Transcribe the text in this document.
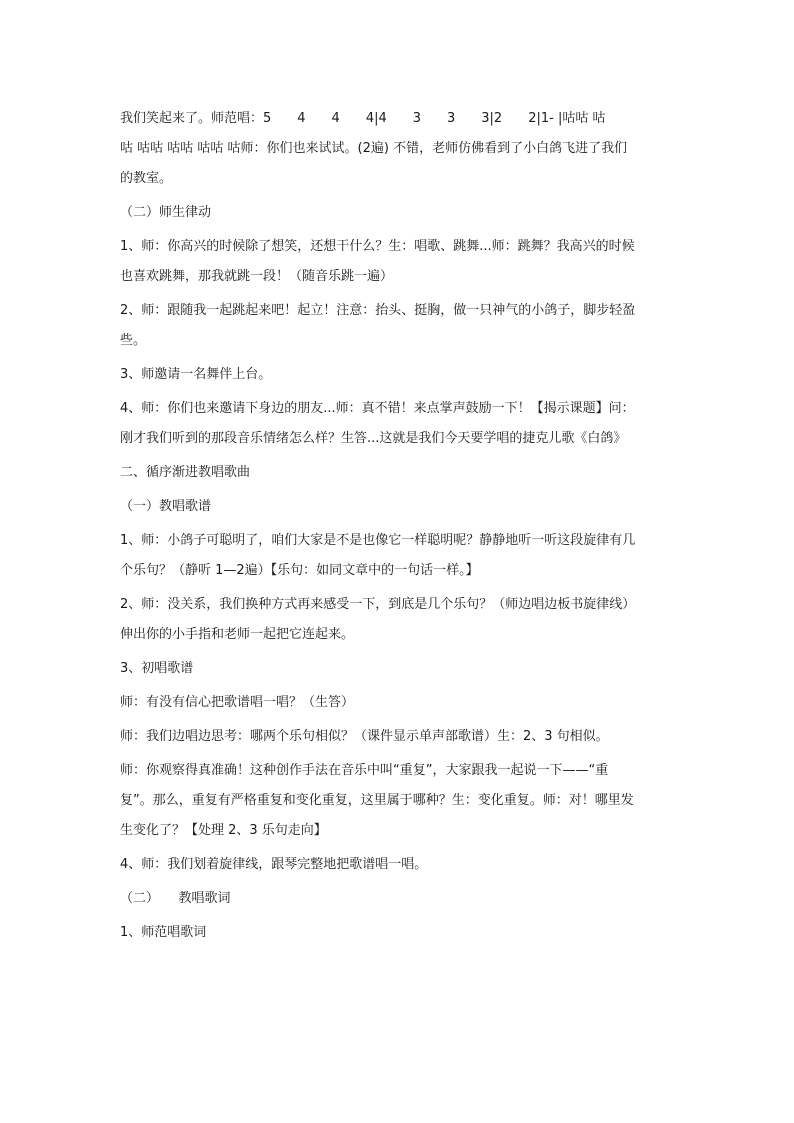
我们笑起来了。师范唱：5　　4　　4　　4|4　　3　　3　　3|2　　2|1- |咕咕 咕
咕 咕咕 咕咕 咕咕 咕师：你们也来试试。(2遍) 不错，老师仿佛看到了小白鸽飞进了我们
的教室。

（二）师生律动

1、师：你高兴的时候除了想笑，还想干什么？生：唱歌、跳舞...师：跳舞？我高兴的时候
也喜欢跳舞，那我就跳一段！（随音乐跳一遍）

2、师：跟随我一起跳起来吧！起立！注意：抬头、挺胸，做一只神气的小鸽子，脚步轻盈
些。

3、师邀请一名舞伴上台。

4、师：你们也来邀请下身边的朋友...师：真不错！来点掌声鼓励一下！【揭示课题】问：
刚才我们听到的那段音乐情绪怎么样？生答...这就是我们今天要学唱的捷克儿歌《白鸽》

二、循序渐进教唱歌曲

（一）教唱歌谱

1、师：小鸽子可聪明了，咱们大家是不是也像它一样聪明呢？静静地听一听这段旋律有几
个乐句？（静听 1—2遍）【乐句：如同文章中的一句话一样。】

2、师：没关系，我们换种方式再来感受一下，到底是几个乐句？（师边唱边板书旋律线）
伸出你的小手指和老师一起把它连起来。

3、初唱歌谱

师：有没有信心把歌谱唱一唱？（生答）

师：我们边唱边思考：哪两个乐句相似？（课件显示单声部歌谱）生：2、3 句相似。

师：你观察得真准确！这种创作手法在音乐中叫“重复”，大家跟我一起说一下——“重
复”。那么，重复有严格重复和变化重复，这里属于哪种？生：变化重复。师：对！哪里发
生变化了？【处理 2、3 乐句走向】

4、师：我们划着旋律线，跟琴完整地把歌谱唱一唱。

（二）　　教唱歌词

1、师范唱歌词
